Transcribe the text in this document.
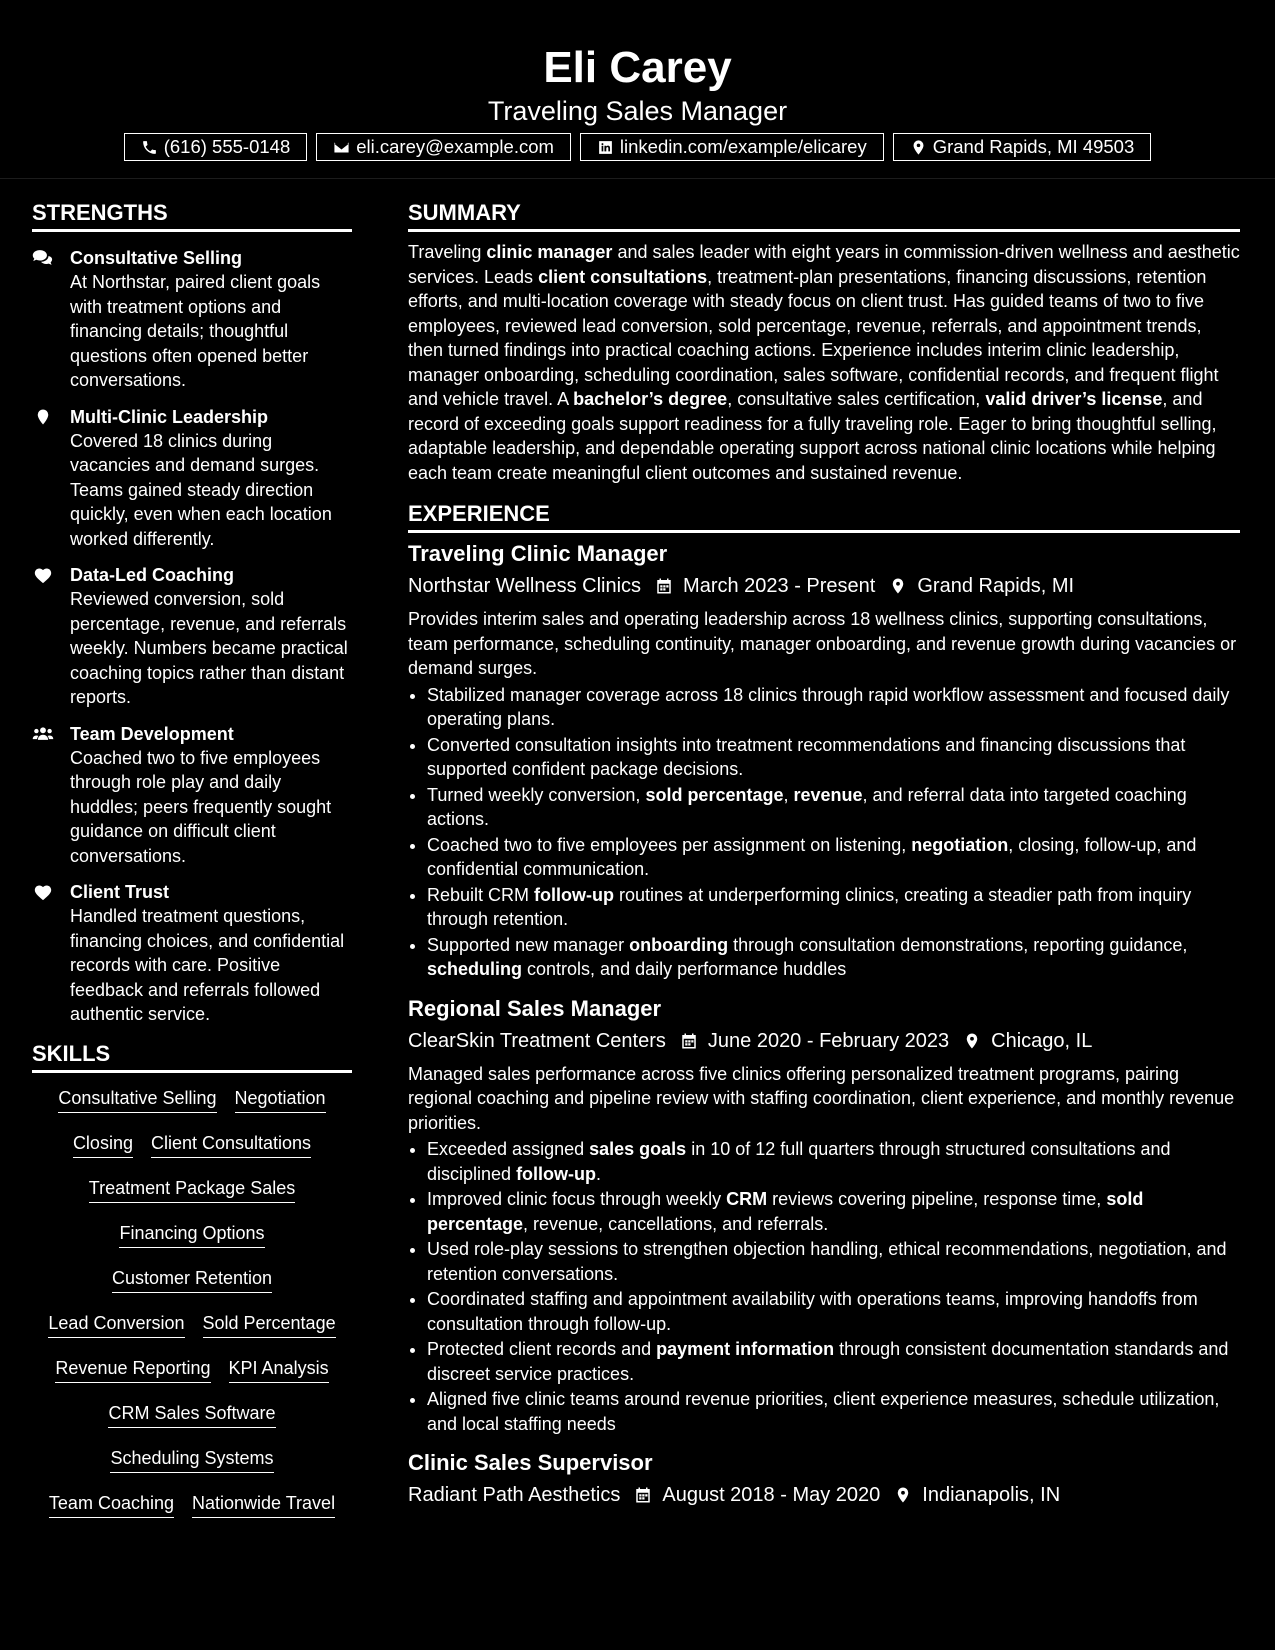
Eli Carey
Traveling Sales Manager
(616) 555-0148	eli.carey@example.com	linkedin.com/example/elicarey	Grand Rapids, MI 49503
STRENGTHS
Consultative Selling
At Northstar, paired client goals with treatment options and financing details; thoughtful questions often opened better conversations.
Multi-Clinic Leadership
Covered 18 clinics during vacancies and demand surges. Teams gained steady direction quickly, even when each location worked differently.
Data-Led Coaching
Reviewed conversion, sold percentage, revenue, and referrals weekly. Numbers became practical coaching topics rather than distant reports.
Team Development
Coached two to five employees through role play and daily huddles; peers frequently sought guidance on difficult client conversations.
Client Trust
Handled treatment questions, financing choices, and confidential records with care. Positive feedback and referrals followed authentic service.
SKILLS
Consultative Selling Negotiation
Closing Client Consultations
Treatment Package Sales
Financing Options
Customer Retention
Lead Conversion Sold Percentage
Revenue Reporting KPI Analysis
CRM Sales Software
Scheduling Systems
Team Coaching Nationwide Travel
SUMMARY
Traveling clinic manager and sales leader with eight years in commission-driven wellness and aesthetic services. Leads client consultations, treatment-plan presentations, financing discussions, retention efforts, and multi-location coverage with steady focus on client trust. Has guided teams of two to five employees, reviewed lead conversion, sold percentage, revenue, referrals, and appointment trends, then turned findings into practical coaching actions. Experience includes interim clinic leadership, manager onboarding, scheduling coordination, sales software, confidential records, and frequent flight and vehicle travel. A bachelor’s degree, consultative sales certification, valid driver’s license, and record of exceeding goals support readiness for a fully traveling role. Eager to bring thoughtful selling, adaptable leadership, and dependable operating support across national clinic locations while helping each team create meaningful client outcomes and sustained revenue.
EXPERIENCE
Traveling Clinic Manager
Northstar Wellness Clinics March 2023 - Present Grand Rapids, MI
Provides interim sales and operating leadership across 18 wellness clinics, supporting consultations, team performance, scheduling continuity, manager onboarding, and revenue growth during vacancies or demand surges.
• Stabilized manager coverage across 18 clinics through rapid workflow assessment and focused daily operating plans.
• Converted consultation insights into treatment recommendations and financing discussions that supported confident package decisions.
• Turned weekly conversion, sold percentage, revenue, and referral data into targeted coaching actions.
• Coached two to five employees per assignment on listening, negotiation, closing, follow-up, and confidential communication.
• Rebuilt CRM follow-up routines at underperforming clinics, creating a steadier path from inquiry through retention.
• Supported new manager onboarding through consultation demonstrations, reporting guidance, scheduling controls, and daily performance huddles
Regional Sales Manager
ClearSkin Treatment Centers June 2020 - February 2023 Chicago, IL
Managed sales performance across five clinics offering personalized treatment programs, pairing regional coaching and pipeline review with staffing coordination, client experience, and monthly revenue priorities.
• Exceeded assigned sales goals in 10 of 12 full quarters through structured consultations and disciplined follow-up.
• Improved clinic focus through weekly CRM reviews covering pipeline, response time, sold percentage, revenue, cancellations, and referrals.
• Used role-play sessions to strengthen objection handling, ethical recommendations, negotiation, and retention conversations.
• Coordinated staffing and appointment availability with operations teams, improving handoffs from consultation through follow-up.
• Protected client records and payment information through consistent documentation standards and discreet service practices.
• Aligned five clinic teams around revenue priorities, client experience measures, schedule utilization, and local staffing needs
Clinic Sales Supervisor
Radiant Path Aesthetics August 2018 - May 2020 Indianapolis, IN
